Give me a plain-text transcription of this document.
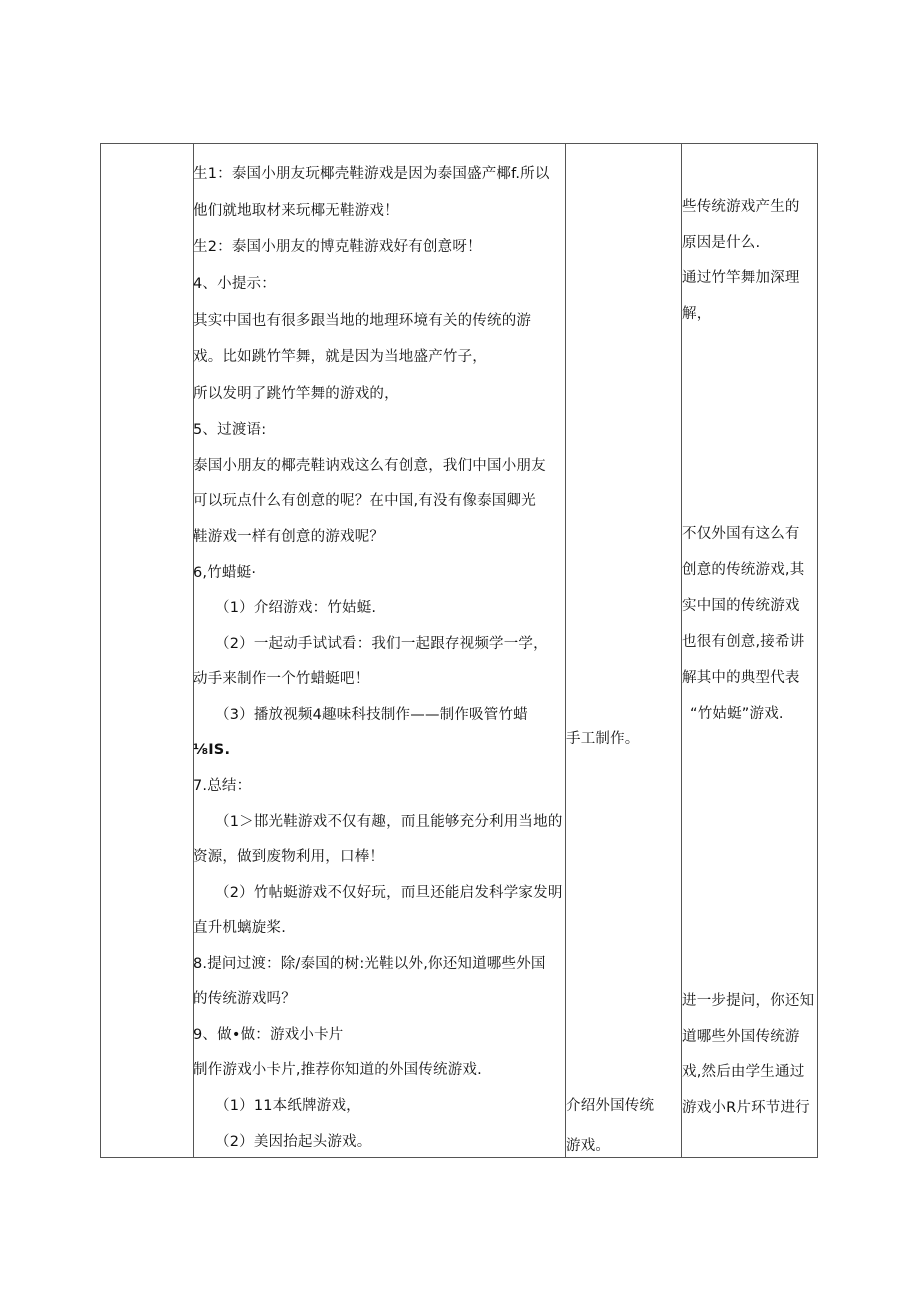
生1：泰国小朋友玩椰壳鞋游戏是因为泰国盛产椰f.所以
他们就地取材来玩椰无鞋游戏！
生2：泰国小朋友的博克鞋游戏好有创意呀！
4、小提示：
其实中国也有很多跟当地的地理环境有关的传统的游
戏。比如跳竹竿舞，就是因为当地盛产竹子，
所以发明了跳竹竿舞的游戏的，
5、过渡语:
泰国小朋友的椰壳鞋讷戏这么有创意，我们中国小朋友
可以玩点什么有创意的呢？在中国,有没有像泰国卿光
鞋游戏一样有创意的游戏呢？
6,竹蜡蜓·
（1）介绍游戏：竹姑蜓.
（2）一起动手试试看：我们一起跟存视频学一学，
动手来制作一个竹蜡蜓吧！
（3）播放视频4趣味科技制作——制作吸管竹蜡
⅛IS.
7.总结：
（1＞邯光鞋游戏不仅有趣，而且能够充分利用当地的
资源，做到废物利用，口棒！
（2）竹帖蜓游戏不仅好玩，而旦还能启发科学家发明
直升机螭旋桨.
8.提问过渡：除/泰国的树:光鞋以外,你还知道哪些外国
的传统游戏吗？
9、做•做：游戏小卡片
制作游戏小卡片,推荐你知道的外国传统游戏.
（1）11本纸牌游戏，
（2）美因抬起头游戏。
手工制作。
介绍外国传统
游戏。
些传统游戏产生的
原因是什么.
通过竹竿舞加深理
解，
不仅外国有这么有
创意的传统游戏,其
实中国的传统游戏
也很有创意,接希讲
解其中的典型代表
“竹姑蜓”游戏.
进一步提问，你还知
道哪些外国传统游
戏,然后由学生通过
游戏小R片环节进行
